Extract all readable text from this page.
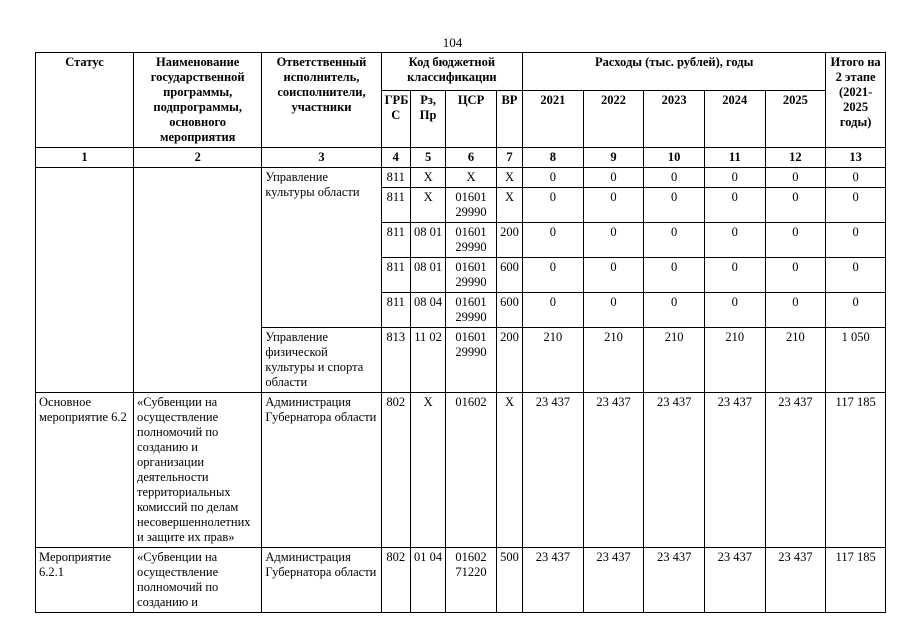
104
Статус	Наименование государственной программы, подпрограммы, основного мероприятия	Ответственный исполнитель, соисполнители, участники	Код бюджетной классификации				Расходы (тыс. рублей), годы					Итого на 2 этапе (2021-2025 годы)
			ГРБ С	Рз, Пр	ЦСР	ВР	2021	2022	2023	2024	2025	
1	2	3	4	5	6	7	8	9	10	11	12	13
		Управление культуры области	811	Х	Х	Х	0	0	0	0	0	0
			811	Х	01601 29990	Х	0	0	0	0	0	0
			811	08 01	01601 29990	200	0	0	0	0	0	0
			811	08 01	01601 29990	600	0	0	0	0	0	0
			811	08 04	01601 29990	600	0	0	0	0	0	0
		Управление физической культуры и спорта области	813	11 02	01601 29990	200	210	210	210	210	210	1 050
Основное мероприятие 6.2	«Субвенции на осуществление полномочий по созданию и организации деятельности территориальных комиссий по делам несовершеннолетних и защите их прав»	Администрация Губернатора области	802	Х	01602	Х	23 437	23 437	23 437	23 437	23 437	117 185
Мероприятие 6.2.1	«Субвенции на осуществление полномочий по созданию и	Администрация Губернатора области	802	01 04	01602 71220	500	23 437	23 437	23 437	23 437	23 437	117 185
